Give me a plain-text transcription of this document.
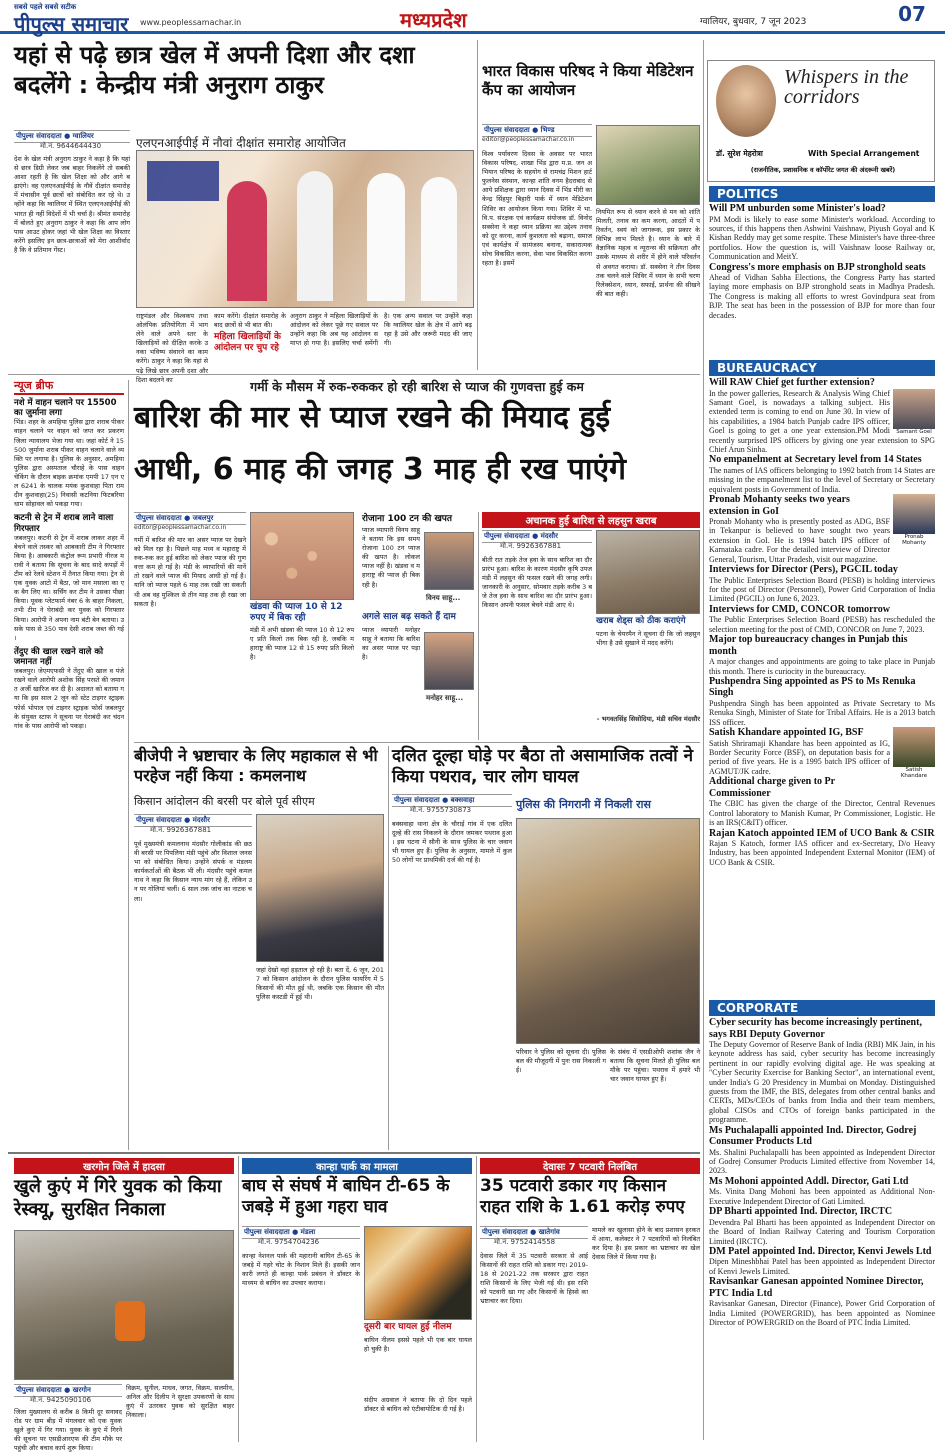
सबसे पहले सबसे सटीक
पीपुल्स समाचार www.peoplessamachar.in	मध्यप्रदेश	ग्वालियर, बुधवार, 7 जून 2023	07
यहां से पढ़े छात्र खेल में अपनी दिशा और दशा बदलेंगे : केन्द्रीय मंत्री अनुराग ठाकुर
पीपुल्स संवाददाता ● ग्वालियर
मो.नं. 9644644430	एलएनआईपीई में नौवां दीक्षांत समारोह आयोजित
देश के खेल मंत्री अनुराग ठाकुर ने कहा है कि यहां से छात्र डिग्री लेकर जब बाहर निकलेंगे तो सबकी आशा रहती है कि खेल शिक्षा को और आगे बढ़ाएंगे। वह एलएनआईपीई के नौवें दीक्षांत समारोह में मंचासीन पूर्व छात्रों को संबोधित कर रहे थे। उन्होंने कहा कि ग्वालियर में स्थित एलएनआईपीई की भारत ही नहीं विदेशों में भी चर्चा है। श्रीमंत समारोह में बोलते हुए अनुराग ठाकुर ने कहा कि आप लोग पास आउट होकर जहां भी खेल शिक्षा का विस्तार करेंगे इसलिए इन छात्र-छात्राओं को मेरा आशीर्वाद है कि वे प्रतिमान गेंस्ट।
राष्ट्रमंडल और विश्वकप तथा ओलंपिक प्रतियोगिता में भाग लेने वाले अपने स्तर के खिलाड़ियों को दीक्षित करके उनका भविष्य संवारने का काम करेंगे। ठाकुर ने कहा कि यहां से पढ़े लिखे छात्र अपनी दशा और दिशा बदलने का
काम करेंगे। दीक्षांत समारोह के बाद छात्रों से भी बात की।
महिला खिलाड़ियों के आंदोलन पर चुप रहे
अनुराग ठाकुर ने महिला खिलाड़ियों के आंदोलन को लेकर पूछे गए सवाल पर उन्होंने कहा कि अब यह आंदोलन समाप्त हो गया है। इसलिए चर्चा समेंगी है। एक अन्य सवाल पर उन्होंने कहा कि ग्वालियर खेल के क्षेत्र में आगे बढ़ रहा है उसे और जरूरी मदद की जाएगी।
भारत विकास परिषद ने किया मेडिटेशन कैंप का आयोजन
पीपुल्स संवाददाता ● भिण्ड
editor@peoplessamachar.co.in
विश्व पर्यावरण दिवस के अवसर पर भारत विकास परिषद, शाखा भिंड द्वारा म.प्र. जन अभियान परिषद के सहयोग से रामचंद्र मिशन हार्टफुलनेस संस्थान, कान्हा शांति वनम हैदराबाद से आये प्रशिक्षक द्वारा ध्यान दिवस में भिंड मीरी का केन्द्र सिंहपुर बिहारी पार्क में ध्यान मेडिटेशन शिविर का आयोजन किया गया। शिविर में भा.वि.प. संरक्षक एवं कार्यक्रम संयोजक डॉ. विनोद सक्सेना ने कहा ध्यान प्रक्रिया का उद्देश्य तनाव को दूर करना, कार्य कुशलता को बढ़ाना, समाज एवं कार्यक्षेत्र में सामंजस्य बनाना, सकारात्मक सोच विकसित करना, सेवा भाव विकसित करना रहता है। इसमें
नियमित रूप से ध्यान करने से मन को शांति मिलती, तनाव का कम करना, आदतों में परिवर्तन, स्वयं को जागरूक, इस प्रकार के विभिन्न लाभ मिलते है। ध्यान के बारे में वैज्ञानिक महत्व व न्यूरान्स की सक्रियता और उसके माध्यम से शरीर में होने वाले परिवर्तन से अवगत कराया। डॉ. सक्सेना ने तीन दिवस तक चलने वाले शिविर में ध्यान के सभी चरण रिलेक्सेशन, ध्यान, सफाई, प्रार्थना की सीखने की बात कही।
Whispers in the corridors
डॉ. सुरेश मेहरोत्रा	With Special Arrangement
(राजनीतिक, प्रशासनिक व कॉर्पोरेट जगत की अंदरूनी खबरें)
POLITICS
Will PM unburden some Minister's load?
PM Modi is likely to ease some Minister's workload. According to sources, if this happens then Ashwini Vaishnaw, Piyush Goyal and K Kishan Reddy may get some respite. These Minister's have three-three portfolios. How the question is, will Vaishnaw loose Railway or, Communication and MeitY.
Congress's more emphasis on BJP stronghold seats
Ahead of Vidhan Sabha Elections, the Congress Party has started laying more emphasis on BJP stronghold seats in Madhya Pradesh. The Congress is making all efforts to wrest Govindpura seat from BJP. The seat has been in the possession of BJP for more than four decades.
BUREAUCRACY
Will RAW Chief get further extension?
Samant Goel
In the power galleries, Research & Analysis Wing Chief Samant Goel, is nowadays a talking subject. His extended term is coming to end on June 30. In view of his capabilities, a 1984 batch Punjab cadre IPS officer, Goel is going to get a one year extension.PM Modi recently surprised IPS officers by giving one year extension to SPG Chief Arun Sinha.
No empanelment at Secretary level from 14 States
The names of IAS officers belonging to 1992 batch from 14 States are missing in the empanelment list to the level of Secretary or Secretary equivalent posts in Government of India.
Pronab Mohanty
Pronab Mohanty seeks two years extension in GoI
Pronab Mohanty who is presently posted as ADG, BSF in Tekanpur is believed to have sought two years extension in GoI. He is 1994 batch IPS officer of Karnataka cadre. For the detailed interview of Director General, Tourism, Uttar Pradesh, visit our magazine.
Interviews for Director (Pers), PGCIL today
The Public Enterprises Selection Board (PESB) is holding interviews for the post of Director (Personnel), Power Grid Corporation of India Limited (PGCIL) on June 6, 2023.
Interviews for CMD, CONCOR tomorrow
The Public Enterprises Selection Board (PESB) has rescheduled the selection meeting for the post of CMD, CONCOR on June 7, 2023.
Major top bureaucracy changes in Punjab this month
A major changes and appointments are going to take place in Punjab this month. There is curiocity in the bureaucracy.
Pushpendra Sing appointed as PS to Ms Renuka Singh
Pushpendra Singh has been appointed as Private Secretary to Ms Renuka Singh, Minister of State for Tribal Affairs. He is a 2013 batch ISS officer.
Satish Khandare
Satish Khandare appointed IG, BSF
Satish Shriramaji Khandare has been appointed as IG, Border Security Force (BSF), on deputation basis for a period of five years. He is a 1995 batch IPS officer of AGMUT/JK cadre.
Additional charge given to Pr Commissioner
The CBIC has given the charge of the Director, Central Revenues Control laboratory to Manish Kumar, Pr Commissioner, Logistic. He is an IRS(C&IT) officer.
Rajan Katoch appointed IEM of UCO Bank & CSIR
Rajan S Katoch, former IAS officer and ex-Secretary, D/o Heavy Industry, has been appointed Independent External Monitor (IEM) of UCO Bank & CSIR.
CORPORATE
Cyber security has become increasingly pertinent, says RBI Deputy Governor
The Deputy Governor of Reserve Bank of India (RBI) MK Jain, in his keynote address has said, cyber security has become increasingly pertinent in our rapidly evolving digital age. He was speaking at "Cyber Security Exercise for Banking Sector", an international event, under India's G 20 Presidency in Mumbai on Monday. Distinguished guests from the IMF, the BIS, delegates from other central banks and CERTs, MDs/CEOs of banks from India and their team members, global CISOs and CTOs of foreign banks participated in the programme.
Ms Puchalapalli appointed Ind. Director, Godrej Consumer Products Ltd
Ms. Shalini Puchalapalli has been appointed as Independent Director of Godrej Consumer Products Limited effective from November 14, 2023.
Ms Mohoni appointed Addl. Director, Gati Ltd
Ms. Vinita Dang Mohoni has been appointed as Additional Non-Executive Independent Director of Gati Limited.
DP Bharti appointed Ind. Director, IRCTC
Devendra Pal Bharti has been appointed as Independent Director on the Board of Indian Railway Catering and Tourism Corporation Limited (IRCTC).
DM Patel appointed Ind. Director, Kenvi Jewels Ltd
Dipen Mineshbhai Patel has been appointed as Independent Director of Kenvi Jewels Limited.
Ravisankar Ganesan appointed Nominee Director, PTC India Ltd
Ravisankar Ganesan, Director (Finance), Power Grid Corporation of India Limited (POWERGRID), has been appointed as Nominee Director of POWERGRID on the Board of PTC India Limited.
न्यूज ब्रीफ
नशे में वाहन चलाने पर 15500 का जुर्माना लगा
भिंड। शहर के अमहिया पुलिस द्वारा शराब पीकर वाहन चलाने पर वाहन को जप्त कर प्रकरण जिला न्यायालय भेजा गया था। जहां कोर्ट ने 15500 जुर्माना शराब पीकर वाहन चलाने वाले व्यक्ति पर लगाया है। पुलिस के अनुसार, अमहिया पुलिस द्वारा अस्पताल चौराहे के पास वाहन चेकिंग के दौरान बाइक क्रमांक एमपी 17 एन एल 6241 के चालक मयंक कुशवाहा पिता रामदीन कुशवाहा(25) निवासी कटनिया फिटबरिया धाम सोहावल को पकड़ा गया।
कटनी से ट्रेन में शराब लाने वाला गिरफ्तार
जबलपुर। कटनी से ट्रेन में शराब लाकर शहर में बेचने वाले तस्कर को आबकारी टीम ने गिरफ्तार किया है। आबकारी कंट्रोल रूम प्रभारी नीरज मरावी ने बताया कि सूचना के बाद सादे कपड़ों में टीम को रेलवे स्टेशन में तैनात किया गया। ट्रेन से एक युवक आटो में बैठा, जो मान मसाला का एक बैग लिए था। सर्चिंग कर टीम ने उसका पीछा किया। यूवक प्लेटफार्म नंबर 6 के बाहर निकला, तभी टीम ने घेराबंदी कर युवक को गिरफ्तार किया। आरोपी ने अपना नाम बंटी बेन बताया। उसके पास से 350 पाव देसी शराब जब्त की गई।
तेंदुए की खाल रखने वाले को जमानत नहीं
जबलपुर। जेएमएफसी ने तेंदुए की खाल व पंजे रखने वाले आरोपी अशोक सिंह परस्ते की जमानत अर्जी खारिज कर दी है। अदालत को बताया गया कि इस साल 2 जून को स्टेट टाइगर स्ट्राइक फोर्स भोपाल एवं टाइगर स्ट्राइक फोर्स जबलपुर के संयुक्त स्टाफ ने सूचना पर घेराबंदी कर चंदनगांव के पास आरोपी को पकड़ा।
गर्मी के मौसम में रुक-रुककर हो रही बारिश से प्याज की गुणवत्ता हुई कम
बारिश की मार से प्याज रखने की मियाद हुई
आधी, 6 माह की जगह 3 माह ही रख पाएंगे
पीपुल्स संवाददाता ● जबलपुर
editor@peoplessamachar.co.in
गर्मी में बारिश की मार का असर प्याज पर देखने को मिल रहा है। पिछले माह मध्य व महाराष्ट्र में रुक-रुक कर हुई बारिश को लेकर प्याज की गुणवत्ता कम हो गई है। मंडी के व्यापारियों की मानें तो रखने वाले प्याज की मियाद आधी हो गई है। यानि जो प्याज पहले 6 माह तक रखी जा सकती थी अब वह मुश्किल से तीन माह तक ही रखा जा सकता है।	खंडवा की प्याज 10 से 12 रुपए में बिक रही
मंडी में अभी खंडवा की प्याज 10 से 12 रुपए प्रति किलो तक बिक रही है, जबकि महाराष्ट्र की प्याज 12 से 15 रुपए प्रति किलो है।
रोजाना 100 टन की खपत
प्याज व्यापारी विनय साहू ने बताया कि इस समय रोजाना 100 टन प्याज की खपत है। लोकल प्याज नहीं है। खंडवा व महाराष्ट्र की प्याज ही बिक रही है।
विनय साहू...
अगले साल बढ़ सकते हैं दाम
प्याज व्यापारी मनोहर साहू ने बताया कि बारिश का असर प्याज पर पड़ा है।
मनोहर साहू...
अचानक हुई बारिश से लहसुन खराब
पीपुल्स संवाददाता ● मंदसौर
मो.नं. 9926367881
बीती रात तड़के तेज हवा के साथ बारिश का दौर प्रारंभ हुआ। बारिश के कारण मंदसौर कृषि उपज मंडी में लहसुन की फसल रखने की जगह लगी। जानकारी के अनुसार, सोमवार तड़के करीब 3 बजे तेज हवा के साथ बारिश का दौर प्रारंभ हुआ। किसान अपनी फसल बेचने मंडी आए थे।
खराब शेड्स को ठीक कराएंगे
पटना के चेयरमैन ने सूचना दी कि जो लहसुन भीगा है उसे सुखाने में मदद करेंगे।
- भगवतसिंह सिसोदिया, मंडी सचिव मंदसौर
बीजेपी ने भ्रष्टाचार के लिए महाकाल से भी परहेज नहीं किया : कमलनाथ
किसान आंदोलन की बरसी पर बोले पूर्व सीएम
पीपुल्स संवाददाता ● मंदसौर
मो.नं. 9926367881
पूर्व मुख्यमंत्री कमलनाथ मंदसौर गोलीकांड की छठवी बरसी पर पिपलिया मंडी पहुंचे और विशाल जनसभा को संबोधित किया। उन्होंने संपर्क व मंडलम कार्यकर्ताओं की बैठक भी ली। मंदसौर पहुंचे कमलनाथ ने कहा कि किसान न्याय मांग रहे हैं, लेकिन उन पर गोलियां चलीं। 6 साल तक जांच का नाटक चला।
जहां देखो वहां हड़ताल हो रही है। बता दें, 6 जून, 2017 को किसान आंदोलन के दौरान पुलिस फायरिंग में 5 किसानों की मौत हुई थी, जबकि एक किसान की मौत पुलिस कस्टडी में हुई थी।
दलित दूल्हा घोड़े पर बैठा तो असामाजिक तत्वों ने किया पथराव, चार लोग घायल
पीपुल्स संवाददाता ● बक्सवाहा
मो.नं. 9755730873
बक्सवाहा थाना क्षेत्र के चौराई गांव में एक दलित दूल्हे की रास निकलने के दौरान जमकर पथराव हुआ। इस घटना में सौनी के साथ पुलिस के चार जवान भी घायल हुए हैं। पुलिस के अनुसार, मामले में कुल 50 लोगों पर प्राथमिकी दर्ज की गई है।
पुलिस की निगरानी में निकली रास
परिवार ने पुलिस को सूचना दी। पुलिस बल की मौजूदगी में पुनः रास निकाली गई।
के संबंध में एसडीओपी शशांक जैन ने बताया कि सूचना मिलते ही पुलिस बल मौके पर पहुंचा। पथराव में हमारे भी चार जवान घायल हुए हैं।
खरगोन जिले में हादसा
खुले कुएं में गिरे युवक को किया रेस्क्यू, सुरक्षित निकाला
पीपुल्स संवाददाता ● खरगोन
मो.नं. 9425090106
जिला मुख्यालय से करीब 8 किमी दूर सनावद रोड पर ग्राम बीड़ में मंगलवार को एक युवक खुले कुएं में गिर गया। युवक के कुएं में गिरने की सूचना पर एसडीआरएफ की टीम मौके पर पहुंची और बचाव कार्य शुरू किया।
विक्रम, सुनील, माधव, जगत, विक्रम, सलमीन, अनिल और दिलीप ने सुरक्षा उपकरणों के साथ कुएं में उतरकर युवक को सुरक्षित बाहर निकाला।
कान्हा पार्क का मामला
बाघ से संघर्ष में बाघिन टी-65 के जबड़े में हुआ गहरा घाव
पीपुल्स संवाददाता ● मंडला
मो.नं. 9754704236
कान्हा नेशनल पार्क की महारानी बाघिन टी-65 के जबड़े में गहरे चोट के निशान मिले हैं। इसकी जानकारी लगते ही कान्हा पार्क प्रबंधन ने डॉक्टर के माध्यम से बाघिन का उपचार कराया।
दूसरी बार घायल हुई नीलम
बाघिन नीलम इससे पहले भी एक बार घायल हो चुकी है।
संदीप अग्रवाल ने बताया कि दो दिन पहले डॉक्टर से बाघिन को एंटीबायोटिक दी गई है।
देवासः 7 पटवारी निलंबित
35 पटवारी डकार गए किसान राहत राशि के 1.61 करोड़ रुपए
पीपुल्स संवाददाता ● खातेगांव
मो.नं. 9752414558
देवास जिले में 35 पटवारी सरकार से आई किसानों की राहत राशि को डकार गए। 2019-18 से 2021-22 तक सरकार द्वारा राहत राशि किसानों के लिए भेजी गई थी। इस राशि को पटवारी खा गए और किसानों के हिस्से का भ्रष्टाचार कर दिया।
मामले का खुलासा होने के बाद प्रशासन हरकत में आया, कलेक्टर ने 7 पटवारियों को निलंबित कर दिया है। इस प्रकार का भ्रष्टाचार का खेल देवास जिले में किया गया है।
